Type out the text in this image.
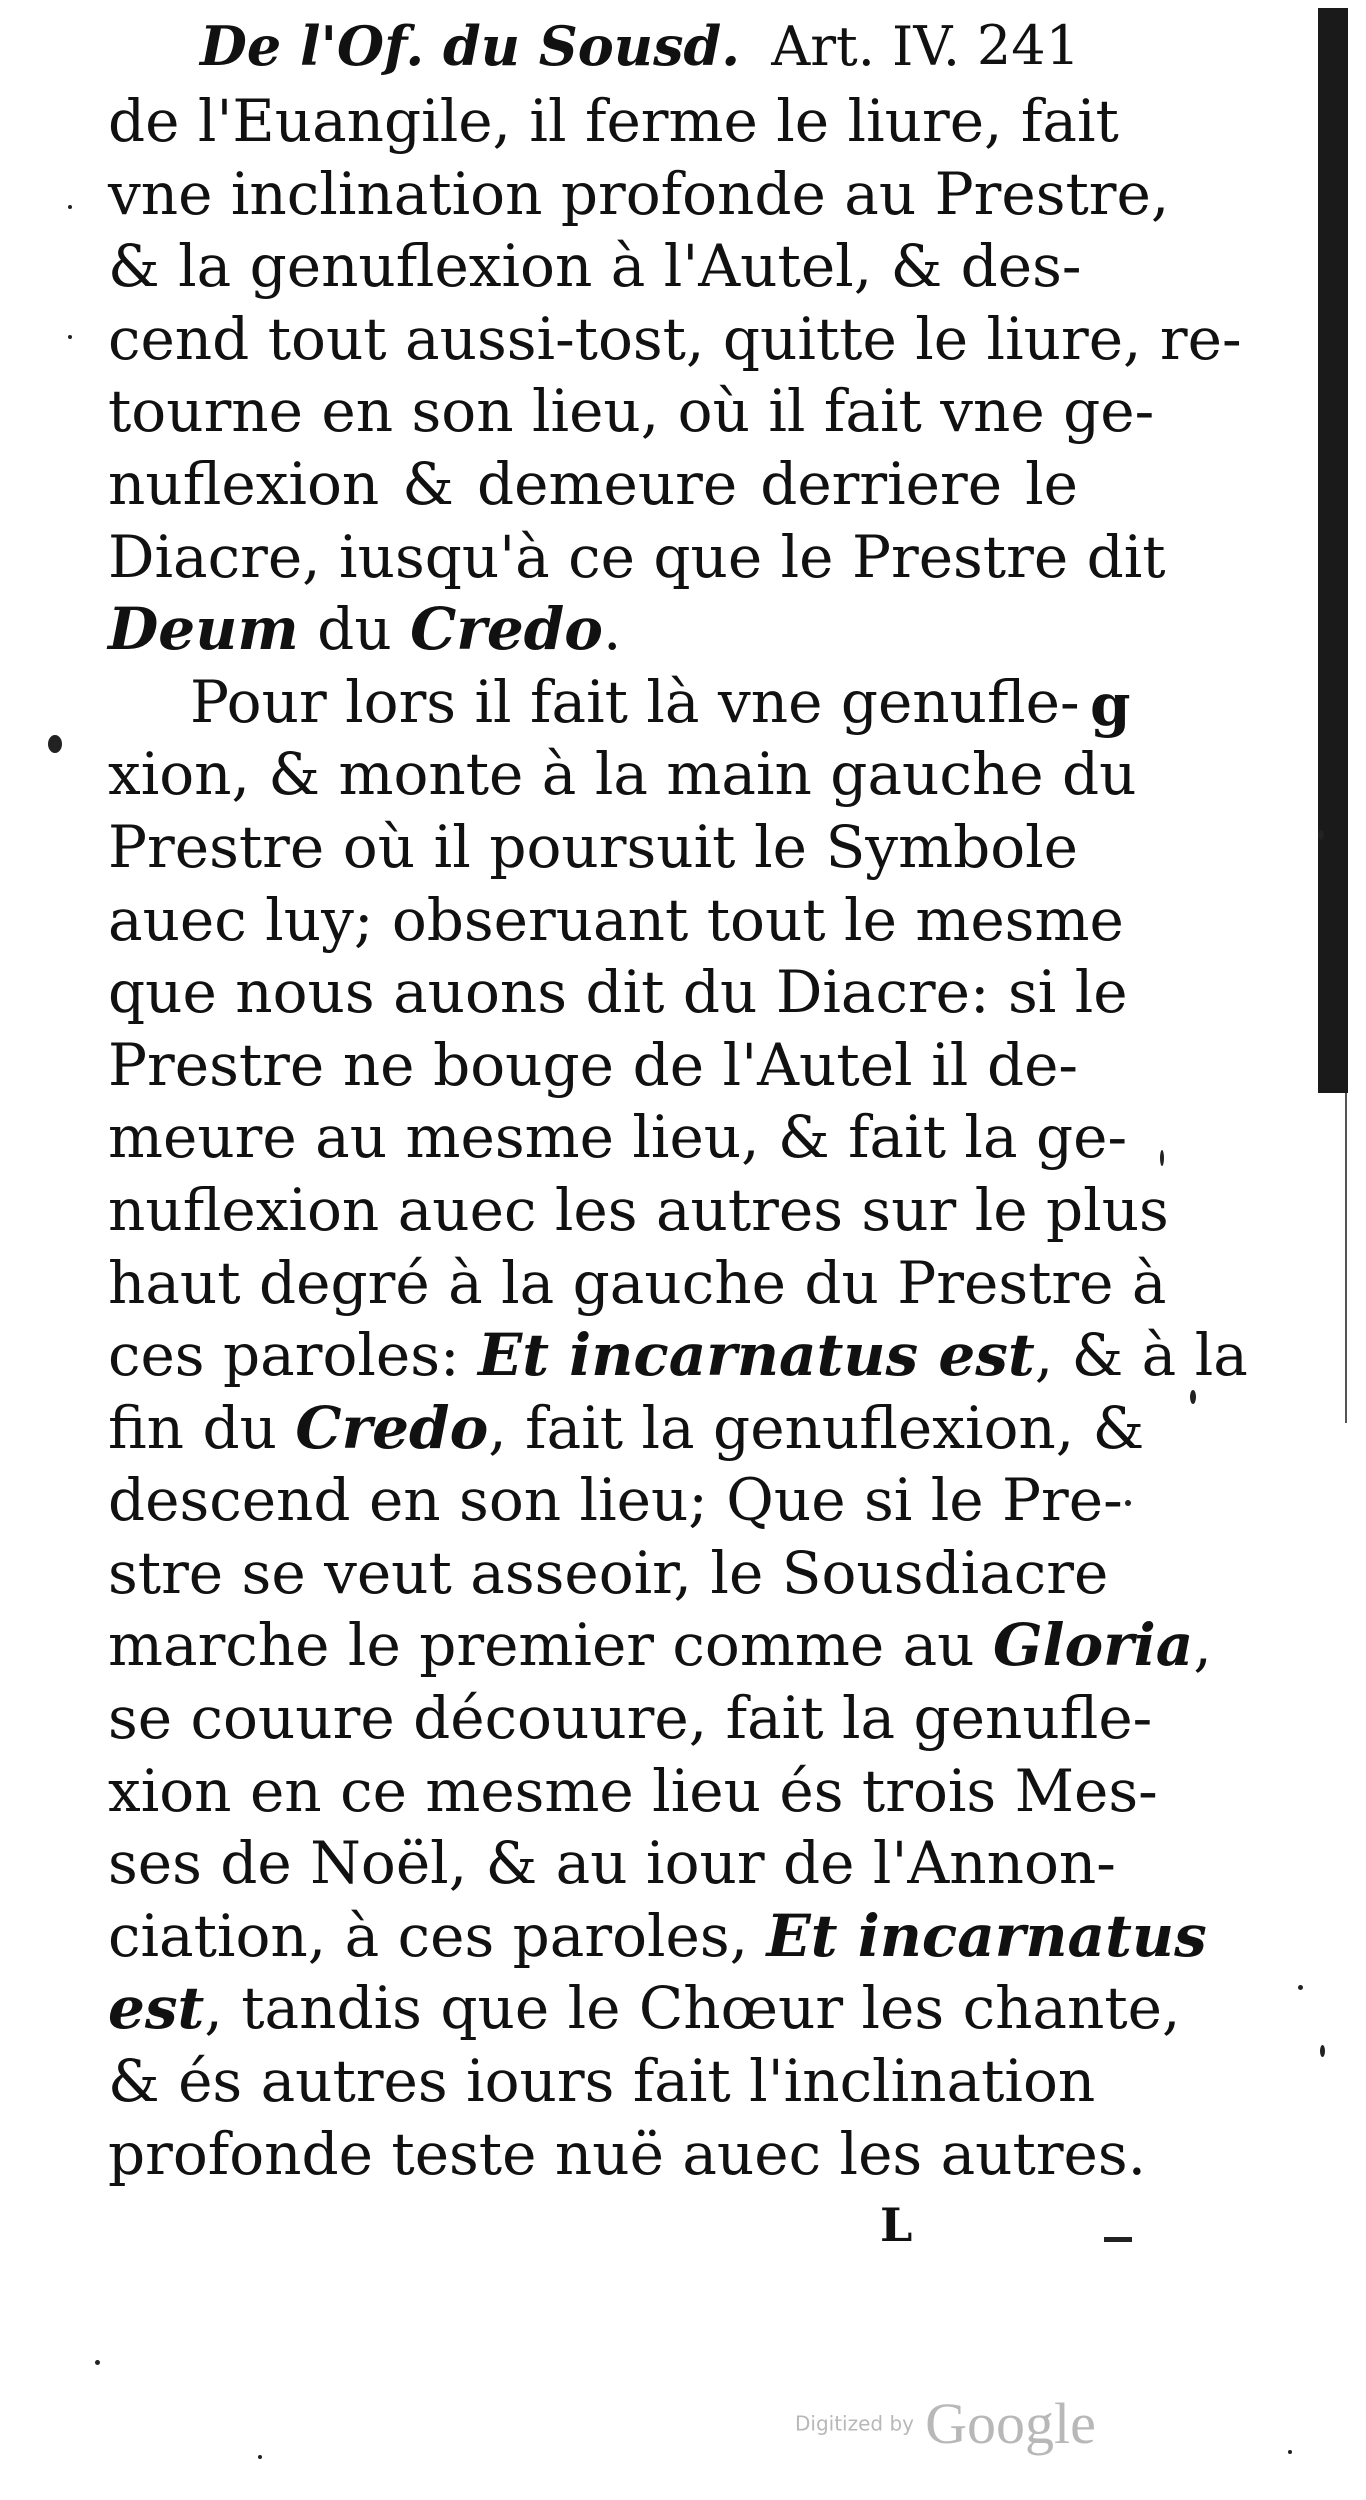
De l'Of. du Sousd. Art. IV. 241
de l'Euangile, il ferme le liure, fait
vne inclination profonde au Prestre,
& la genuflexion à l'Autel, & des-
cend tout aussi-tost, quitte le liure, re-
tourne en son lieu, où il fait vne ge-
nuflexion & demeure derriere le
Diacre, iusqu'à ce que le Prestre dit
Deum du Credo.
Pour lors il fait là vne genufle-
xion, & monte à la main gauche du
Prestre où il poursuit le Symbole
auec luy; obseruant tout le mesme
que nous auons dit du Diacre: si le
Prestre ne bouge de l'Autel il de-
meure au mesme lieu, & fait la ge-
nuflexion auec les autres sur le plus
haut degré à la gauche du Prestre à
ces paroles: Et incarnatus est, & à la
fin du Credo, fait la genuflexion, &
descend en son lieu; Que si le Pre-
stre se veut asseoir, le Sousdiacre
marche le premier comme au Gloria,
se couure découure, fait la genufle-
xion en ce mesme lieu és trois Mes-
ses de Noël, & au iour de l'Annon-
ciation, à ces paroles, Et incarnatus
est, tandis que le Chœur les chante,
& és autres iours fait l'inclination
profonde teste nuë auec les autres.
g
L
Digitized by Google
